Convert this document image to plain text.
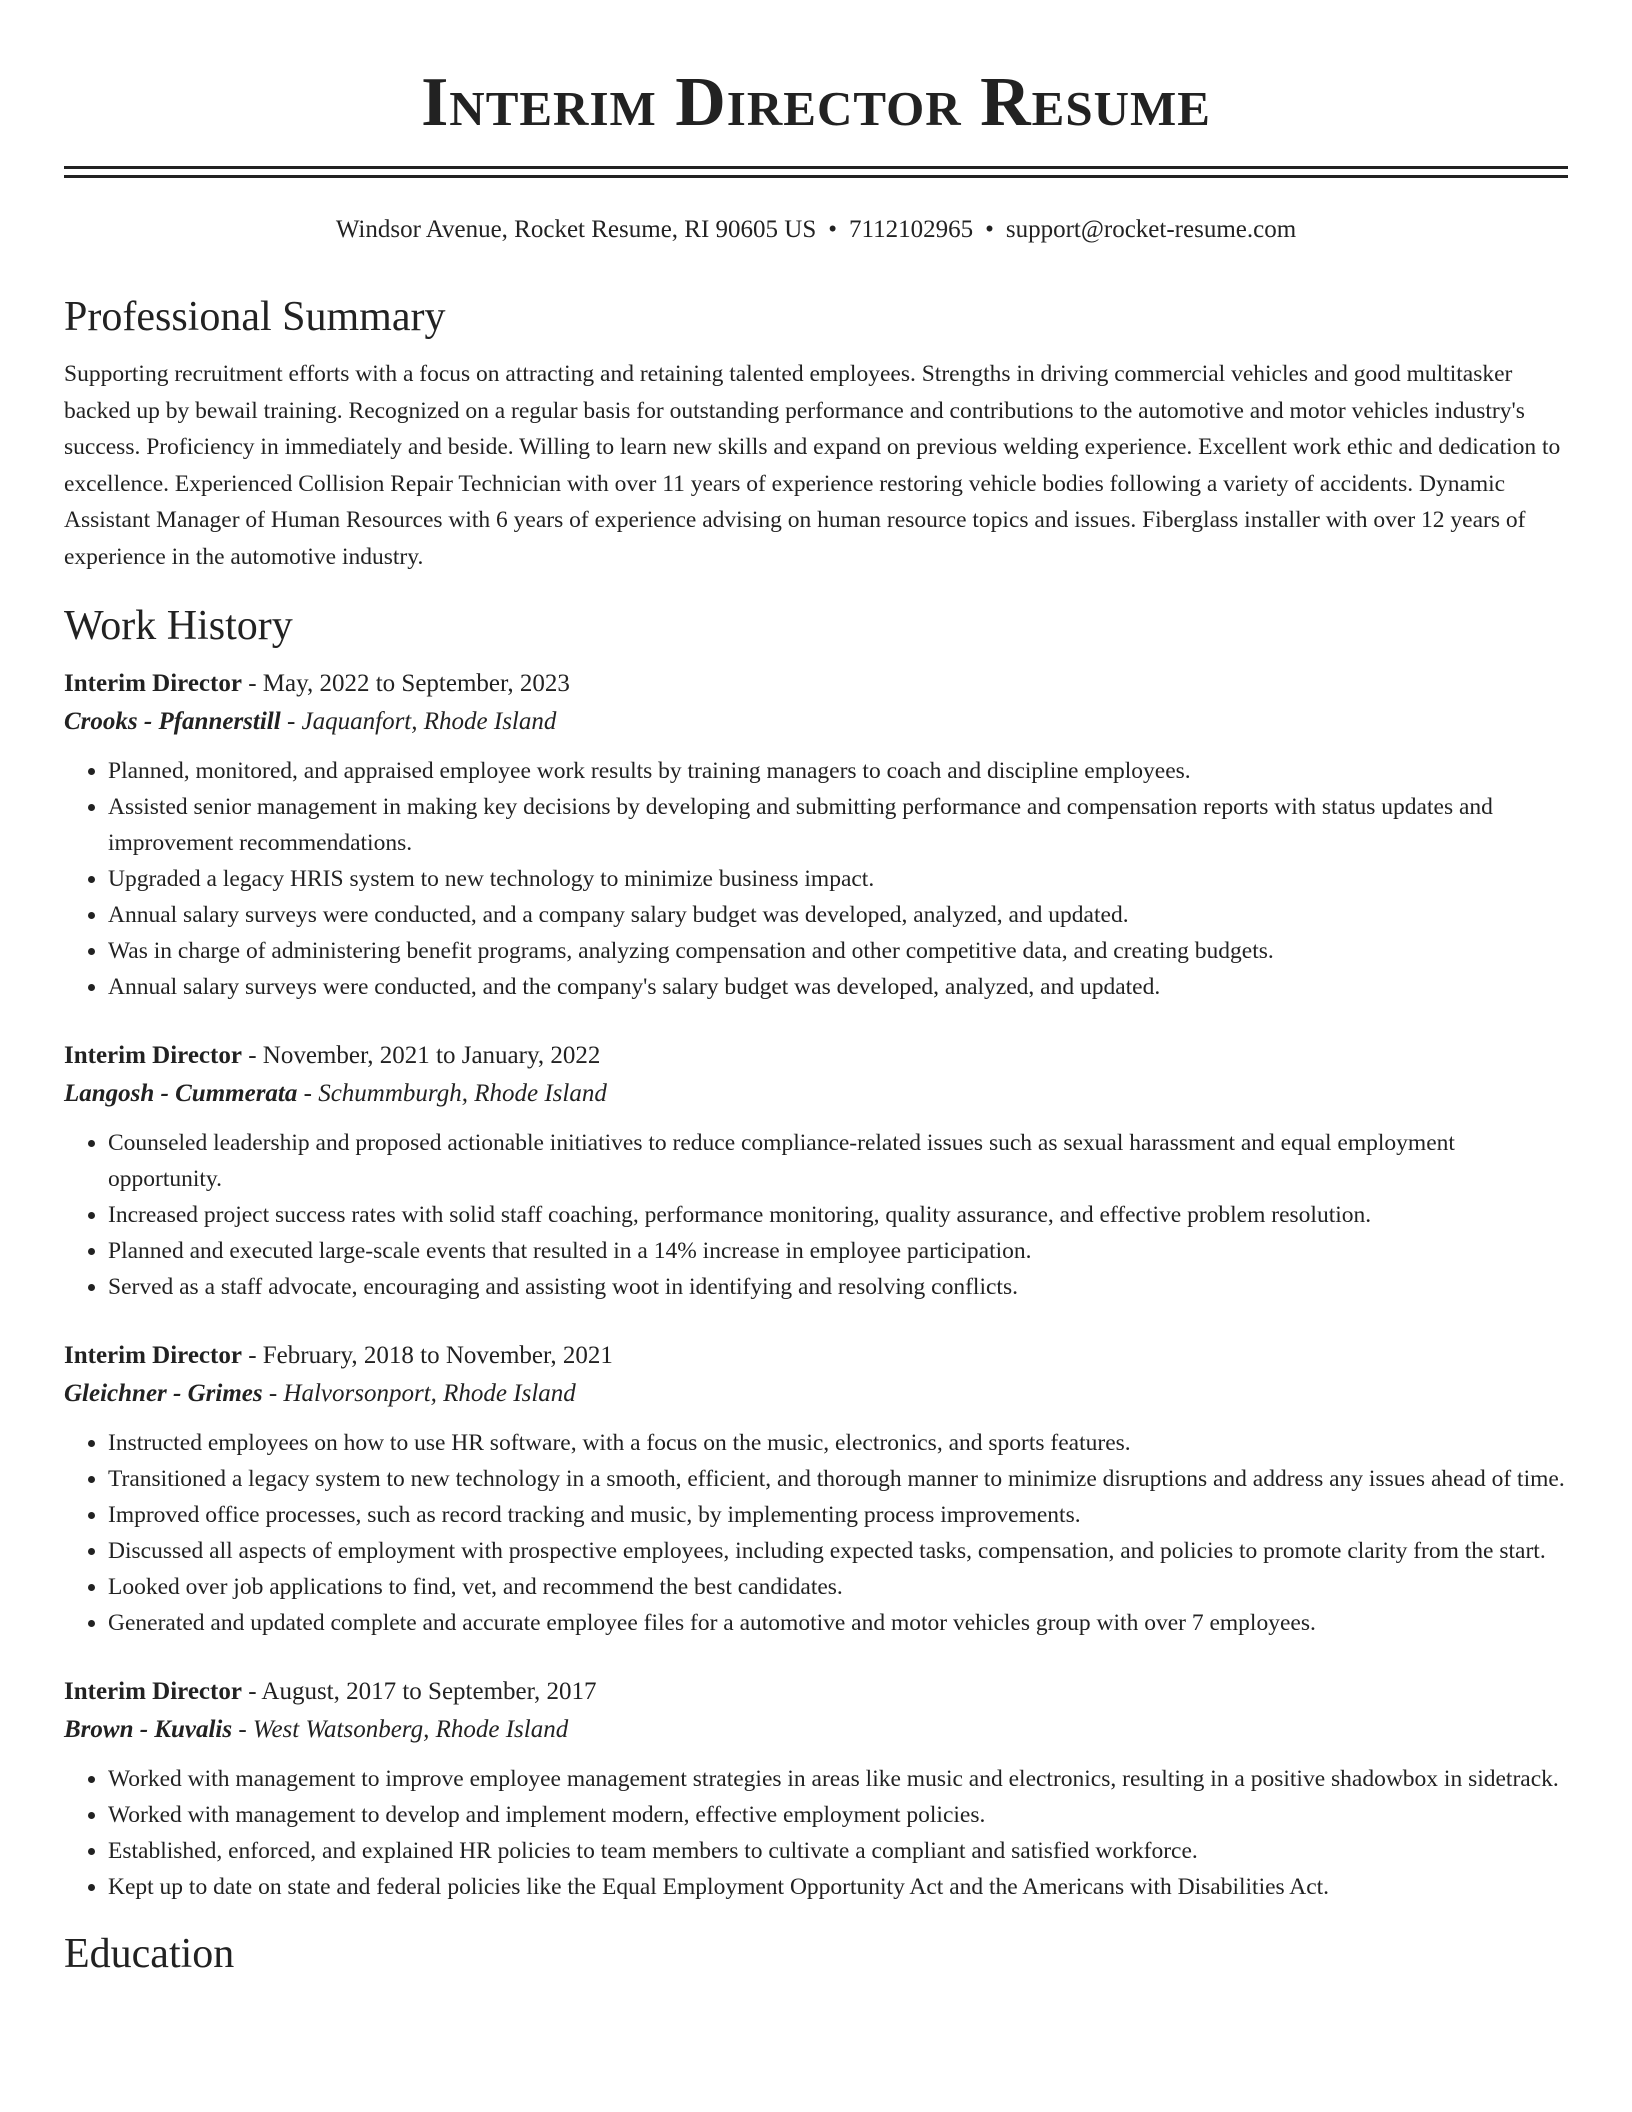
Interim Director Resume
Windsor Avenue, Rocket Resume, RI 90605 US • 7112102965 • support@rocket-resume.com
Professional Summary
Supporting recruitment efforts with a focus on attracting and retaining talented employees. Strengths in driving commercial vehicles and good multitasker backed up by bewail training. Recognized on a regular basis for outstanding performance and contributions to the automotive and motor vehicles industry's success. Proficiency in immediately and beside. Willing to learn new skills and expand on previous welding experience. Excellent work ethic and dedication to excellence. Experienced Collision Repair Technician with over 11 years of experience restoring vehicle bodies following a variety of accidents. Dynamic Assistant Manager of Human Resources with 6 years of experience advising on human resource topics and issues. Fiberglass installer with over 12 years of experience in the automotive industry.
Work History
Interim Director - May, 2022 to September, 2023
Crooks - Pfannerstill - Jaquanfort, Rhode Island
• Planned, monitored, and appraised employee work results by training managers to coach and discipline employees.
• Assisted senior management in making key decisions by developing and submitting performance and compensation reports with status updates and improvement recommendations.
• Upgraded a legacy HRIS system to new technology to minimize business impact.
• Annual salary surveys were conducted, and a company salary budget was developed, analyzed, and updated.
• Was in charge of administering benefit programs, analyzing compensation and other competitive data, and creating budgets.
• Annual salary surveys were conducted, and the company's salary budget was developed, analyzed, and updated.
Interim Director - November, 2021 to January, 2022
Langosh - Cummerata - Schummburgh, Rhode Island
• Counseled leadership and proposed actionable initiatives to reduce compliance-related issues such as sexual harassment and equal employment opportunity.
• Increased project success rates with solid staff coaching, performance monitoring, quality assurance, and effective problem resolution.
• Planned and executed large-scale events that resulted in a 14% increase in employee participation.
• Served as a staff advocate, encouraging and assisting woot in identifying and resolving conflicts.
Interim Director - February, 2018 to November, 2021
Gleichner - Grimes - Halvorsonport, Rhode Island
• Instructed employees on how to use HR software, with a focus on the music, electronics, and sports features.
• Transitioned a legacy system to new technology in a smooth, efficient, and thorough manner to minimize disruptions and address any issues ahead of time.
• Improved office processes, such as record tracking and music, by implementing process improvements.
• Discussed all aspects of employment with prospective employees, including expected tasks, compensation, and policies to promote clarity from the start.
• Looked over job applications to find, vet, and recommend the best candidates.
• Generated and updated complete and accurate employee files for a automotive and motor vehicles group with over 7 employees.
Interim Director - August, 2017 to September, 2017
Brown - Kuvalis - West Watsonberg, Rhode Island
• Worked with management to improve employee management strategies in areas like music and electronics, resulting in a positive shadowbox in sidetrack.
• Worked with management to develop and implement modern, effective employment policies.
• Established, enforced, and explained HR policies to team members to cultivate a compliant and satisfied workforce.
• Kept up to date on state and federal policies like the Equal Employment Opportunity Act and the Americans with Disabilities Act.
Education
